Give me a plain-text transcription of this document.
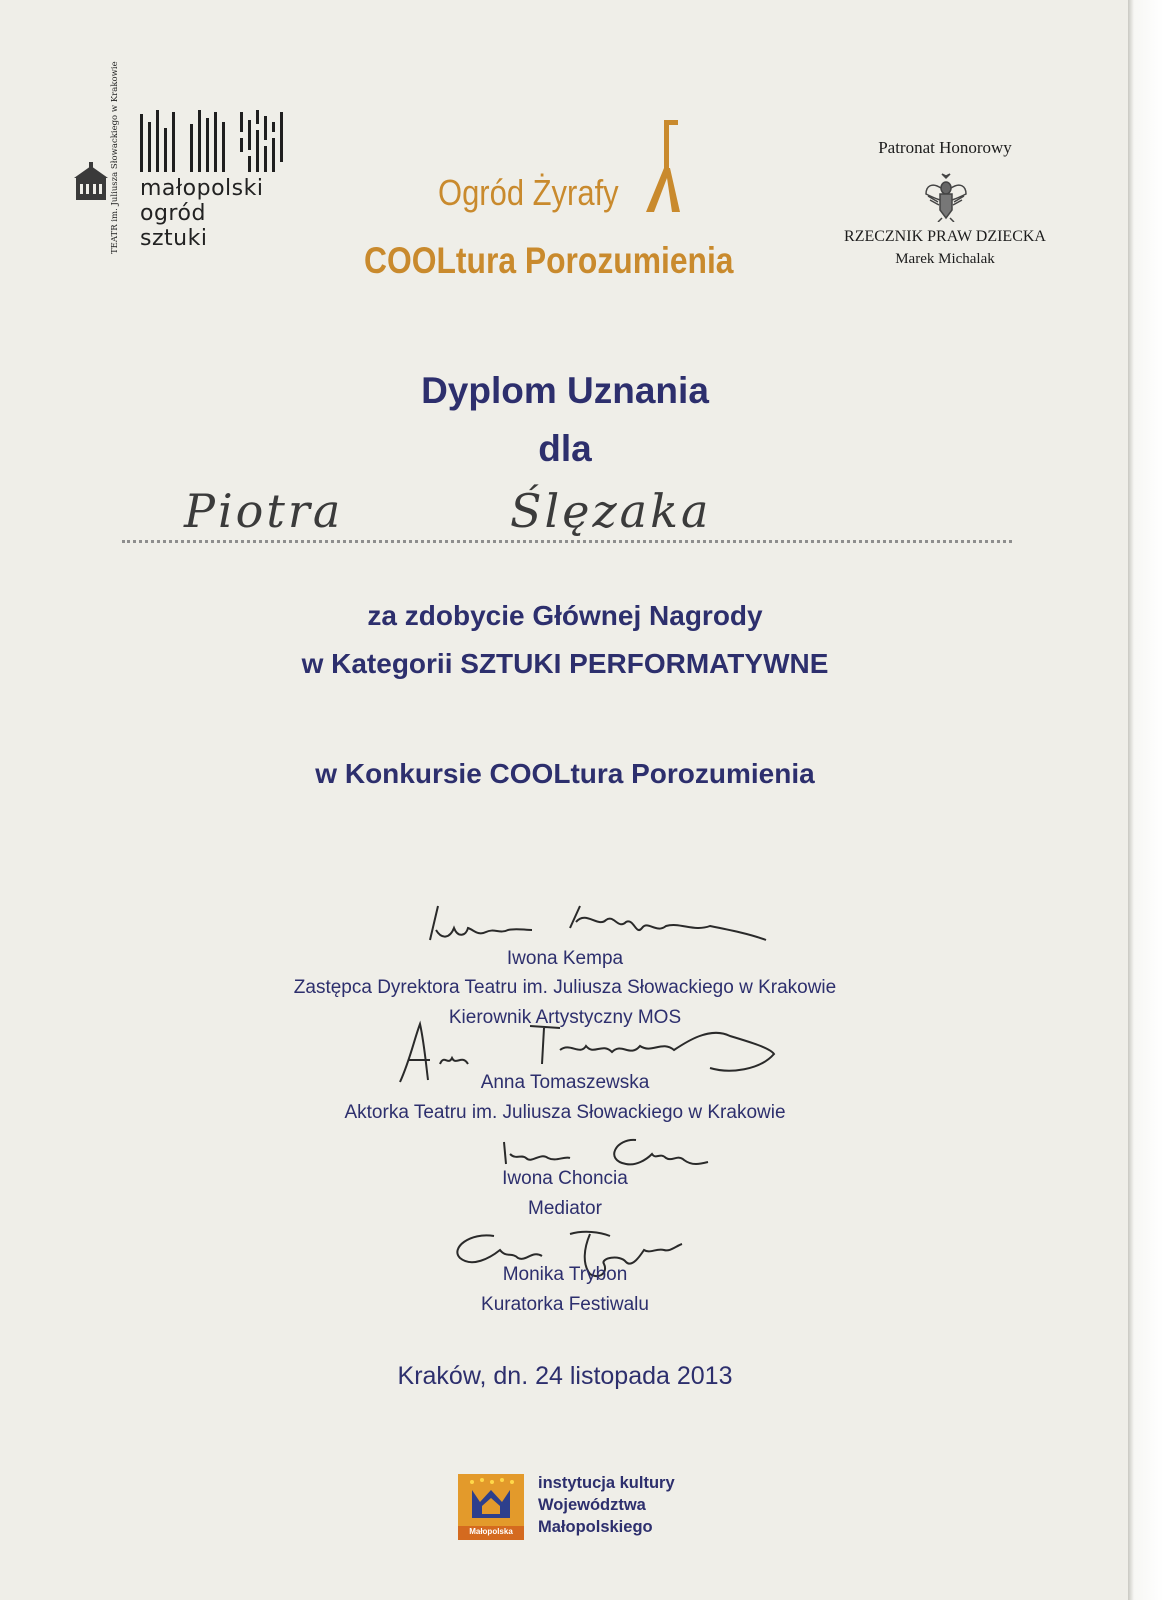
TEATR im. Juliusza Słowackiego w Krakowie małopolski
ogród
sztuki
Ogród Żyrafy
COOLtura Porozumienia
Patronat Honorowy
RZECZNIK PRAW DZIECKA
Marek Michalak
Dyplom Uznania
dla
Piotra	Ślęzaka
za zdobycie Głównej Nagrody
w Kategorii SZTUKI PERFORMATYWNE
w Konkursie COOLtura Porozumienia
Iwona Kempa
Zastępca Dyrektora Teatru im. Juliusza Słowackiego w Krakowie
Kierownik Artystyczny MOS
Anna Tomaszewska
Aktorka Teatru im. Juliusza Słowackiego w Krakowie
Iwona Choncia
Mediator
Monika Trybon
Kuratorka Festiwalu
Kraków, dn. 24 listopada 2013
Małopolska
instytucja kultury
Województwa
Małopolskiego
